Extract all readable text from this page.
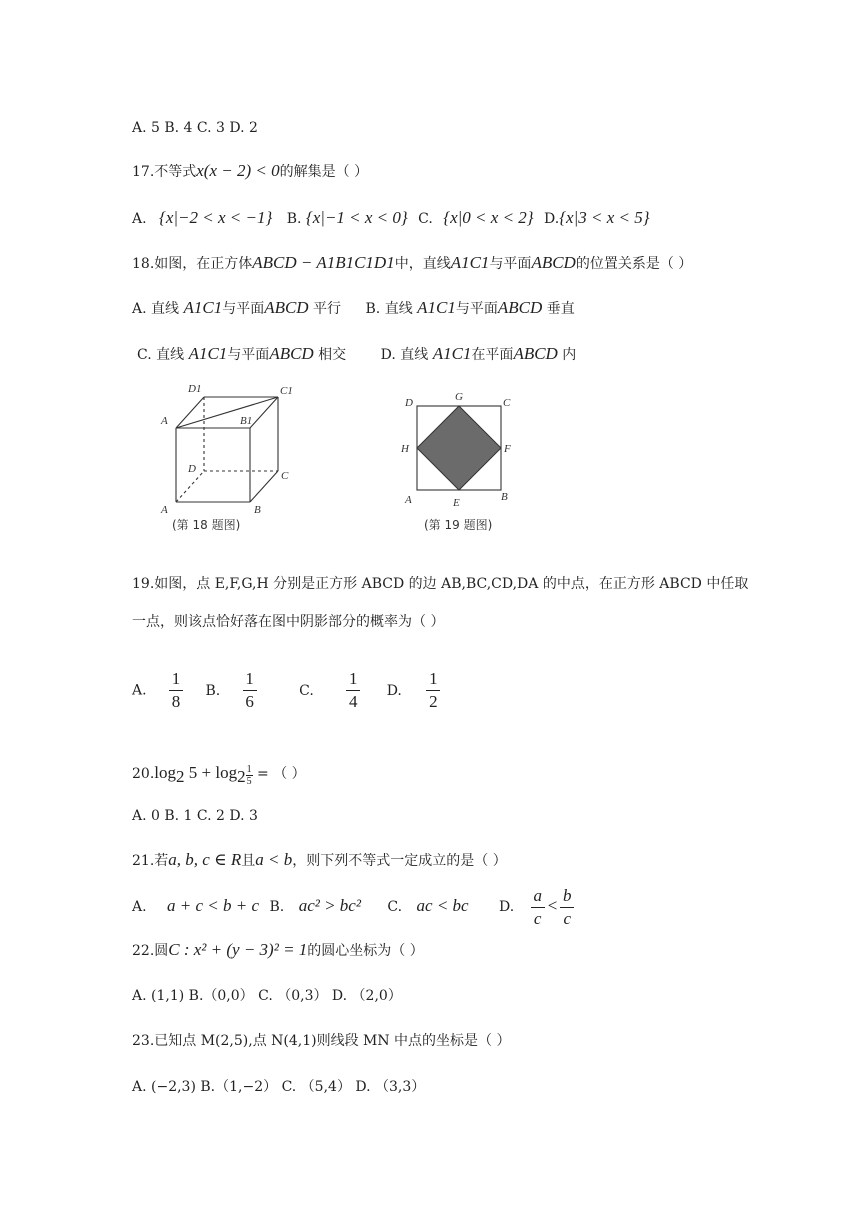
A. 5 B. 4 C. 3 D. 2
17.不等式x(x − 2) < 0的解集是（ ）
A. {x|−2 < x < −1} B. {x|−1 < x < 0} C. {x|0 < x < 2} D.{x|3 < x < 5}
18.如图，在正方体ABCD − A1B1C1D1中，直线A1C1与平面ABCD的位置关系是（ ）
A. 直线 A1C1与平面ABCD 平行 B. 直线 A1C1与平面ABCD 垂直
C. 直线 A1C1与平面ABCD 相交 D. 直线 A1C1在平面ABCD 内
D1	C1
A	B1
D
C
A	B
(第 18 题图)
D	G	C
H	F
A	E	B
(第 19 题图)
19.如图，点 E,F,G,H 分别是正方形 ABCD 的边 AB,BC,CD,DA 的中点，在正方形 ABCD 中任取
一点，则该点恰好落在图中阴影部分的概率为（ ）
A. $\frac{1}{8} B$. $\frac{1}{6}$	C. $\frac{1}{4} D$. $\frac{1}{2}$
$20.\log_2$ $5 + \log_2 \frac{1}{5}$ = （ ）
A. 0 B. 1 C. 2 D. 3
21.若a, b, c ∈ R且a < b，则下列不等式一定成立的是（ ）
A. a + c < b + c B. ac² > bc² C. ac < bc D. $\frac{a}{c} < \frac{b}{c}$
22.圆C : x² + (y − 3)² = 1的圆心坐标为（ ）
A. (1,1) B.（0,0） C. （0,3） D. （2,0）
23.已知点 M(2,5),点 N(4,1)则线段 MN 中点的坐标是（ ）
A. (−2,3) B.（1,−2） C. （5,4） D. （3,3）
